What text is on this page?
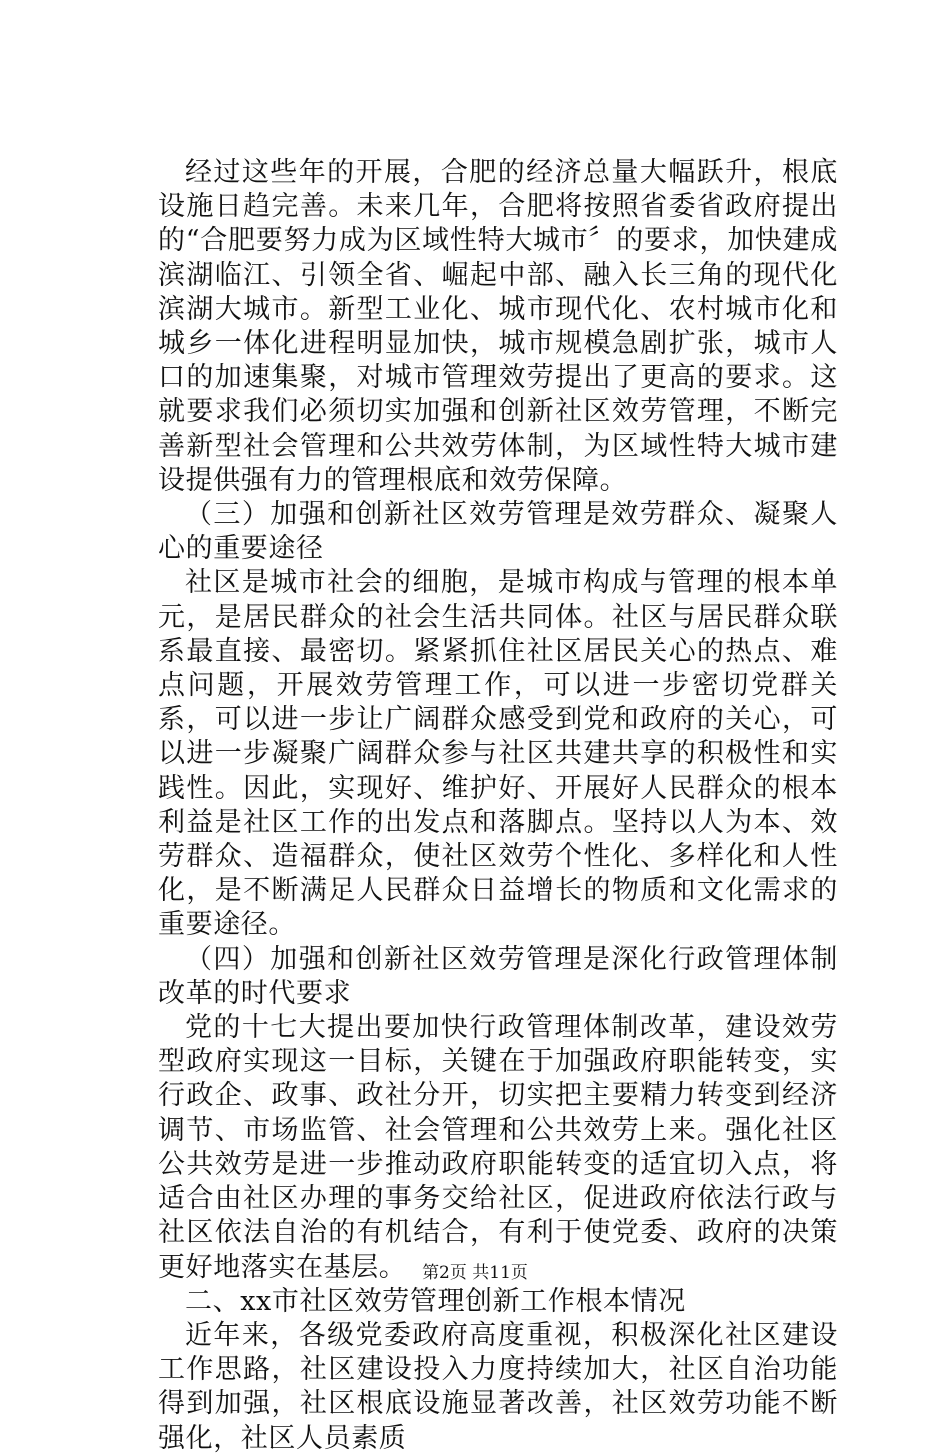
经过这些年的开展，合肥的经济总量大幅跃升，根底设施日趋完善。未来几年，合肥将按照省委省政府提出的“合肥要努力成为区域性特大城市〞的要求，加快建成滨湖临江、引领全省、崛起中部、融入长三角的现代化滨湖大城市。新型工业化、城市现代化、农村城市化和城乡一体化进程明显加快，城市规模急剧扩张，城市人口的加速集聚，对城市管理效劳提出了更高的要求。这就要求我们必须切实加强和创新社区效劳管理，不断完善新型社会管理和公共效劳体制，为区域性特大城市建设提供强有力的管理根底和效劳保障。

（三）加强和创新社区效劳管理是效劳群众、凝聚人心的重要途径

社区是城市社会的细胞，是城市构成与管理的根本单元，是居民群众的社会生活共同体。社区与居民群众联系最直接、最密切。紧紧抓住社区居民关心的热点、难点问题，开展效劳管理工作，可以进一步密切党群关系，可以进一步让广阔群众感受到党和政府的关心，可以进一步凝聚广阔群众参与社区共建共享的积极性和实践性。因此，实现好、维护好、开展好人民群众的根本利益是社区工作的出发点和落脚点。坚持以人为本、效劳群众、造福群众，使社区效劳个性化、多样化和人性化，是不断满足人民群众日益增长的物质和文化需求的重要途径。

（四）加强和创新社区效劳管理是深化行政管理体制改革的时代要求

党的十七大提出要加快行政管理体制改革，建设效劳型政府实现这一目标，关键在于加强政府职能转变，实行政企、政事、政社分开，切实把主要精力转变到经济调节、市场监管、社会管理和公共效劳上来。强化社区公共效劳是进一步推动政府职能转变的适宜切入点，将适合由社区办理的事务交给社区，促进政府依法行政与社区依法自治的有机结合，有利于使党委、政府的决策更好地落实在基层。

二、xx市社区效劳管理创新工作根本情况

近年来，各级党委政府高度重视，积极深化社区建设工作思路，社区建设投入力度持续加大，社区自治功能得到加强，社区根底设施显著改善，社区效劳功能不断强化，社区人员素质

第2页 共11页
